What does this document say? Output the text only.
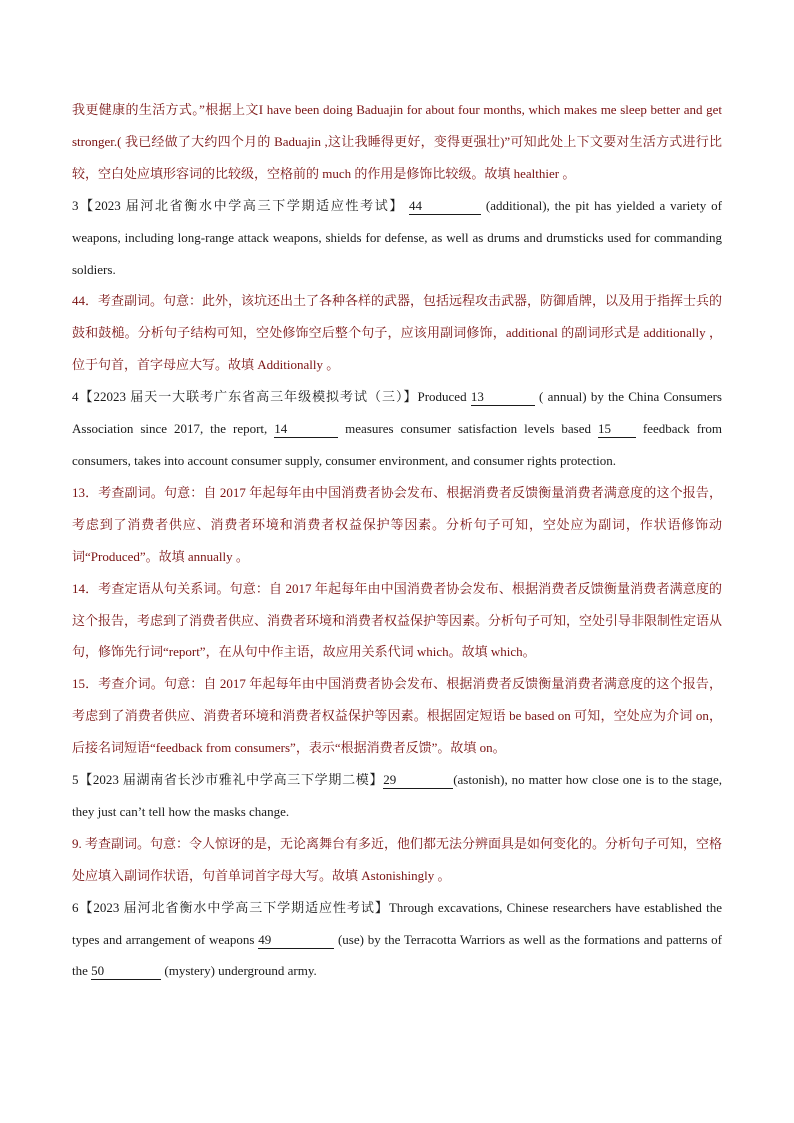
我更健康的生活方式。”根据上文I have been doing Baduajin for about four months, which makes me sleep better and get stronger.( 我已经做了大约四个月的 Baduajin ,这让我睡得更好，变得更强壮)”可知此处上下文要对生活方式进行比较，空白处应填形容词的比较级，空格前的 much 的作用是修饰比较级。故填 healthier 。

3【2023 届河北省衡水中学高三下学期适应性考试】 44	(additional), the pit has yielded a variety of weapons, including long-range attack weapons, shields for defense, as well as drums and drumsticks used for commanding soldiers.

44．考查副词。句意：此外，该坑还出土了各种各样的武器，包括远程攻击武器，防御盾牌，以及用于指挥士兵的鼓和鼓槌。分析句子结构可知，空处修饰空后整个句子，应该用副词修饰，additional 的副词形式是 additionally ，位于句首，首字母应大写。故填 Additionally 。

4【22023 届天一大联考广东省高三年级模拟考试（三）】Produced 13	( annual) by the China Consumers Association since 2017, the report, 14	measures consumer satisfaction levels based 15 feedback from consumers, takes into account consumer supply, consumer environment, and consumer rights protection.

13．考查副词。句意：自 2017 年起每年由中国消费者协会发布、根据消费者反馈衡量消费者满意度的这个报告，考虑到了消费者供应、消费者环境和消费者权益保护等因素。分析句子可知，空处应为副词，作状语修饰动词“Produced”。故填 annually 。

14．考查定语从句关系词。句意：自 2017 年起每年由中国消费者协会发布、根据消费者反馈衡量消费者满意度的这个报告，考虑到了消费者供应、消费者环境和消费者权益保护等因素。分析句子可知，空处引导非限制性定语从句，修饰先行词“report”，在从句中作主语，故应用关系代词 which。故填 which。

15．考查介词。句意：自 2017 年起每年由中国消费者协会发布、根据消费者反馈衡量消费者满意度的这个报告，考虑到了消费者供应、消费者环境和消费者权益保护等因素。根据固定短语 be based on 可知，空处应为介词 on，后接名词短语“feedback from consumers”，表示“根据消费者反馈”。故填 on。

5【2023 届湖南省长沙市雅礼中学高三下学期二模】29	(astonish), no matter how close one is to the stage, they just can’t tell how the masks change.

9. 考查副词。句意：令人惊讶的是，无论离舞台有多近，他们都无法分辨面具是如何变化的。分析句子可知，空格处应填入副词作状语，句首单词首字母大写。故填 Astonishingly 。

6【2023 届河北省衡水中学高三下学期适应性考试】Through excavations, Chinese researchers have established the types and arrangement of weapons 49	(use) by the Terracotta Warriors as well as the formations and patterns of the 50	(mystery) underground army.
